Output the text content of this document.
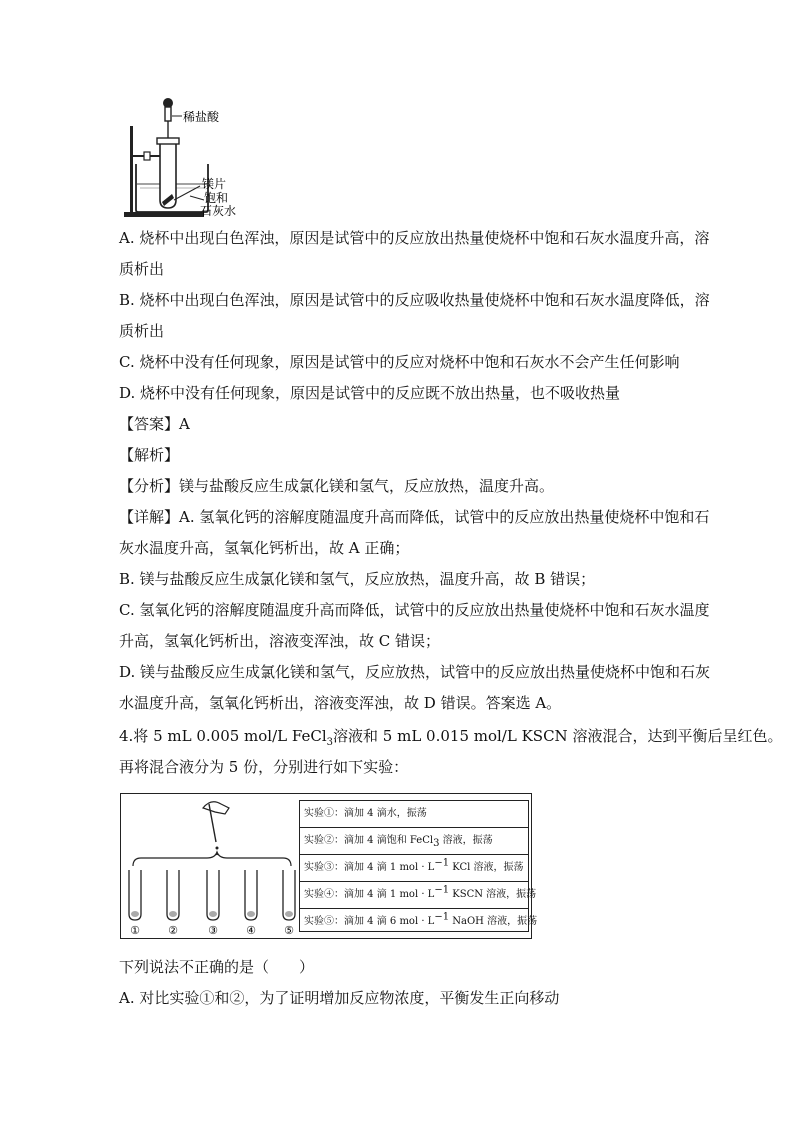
稀盐酸
镁片
饱和
石灰水
A. 烧杯中出现白色浑浊，原因是试管中的反应放出热量使烧杯中饱和石灰水温度升高，溶
质析出
B. 烧杯中出现白色浑浊，原因是试管中的反应吸收热量使烧杯中饱和石灰水温度降低，溶
质析出
C. 烧杯中没有任何现象，原因是试管中的反应对烧杯中饱和石灰水不会产生任何影响
D. 烧杯中没有任何现象，原因是试管中的反应既不放出热量，也不吸收热量
【答案】A
【解析】
【分析】镁与盐酸反应生成氯化镁和氢气，反应放热，温度升高。
【详解】A. 氢氧化钙的溶解度随温度升高而降低，试管中的反应放出热量使烧杯中饱和石
灰水温度升高，氢氧化钙析出，故 A 正确；
B. 镁与盐酸反应生成氯化镁和氢气，反应放热，温度升高，故 B 错误；
C. 氢氧化钙的溶解度随温度升高而降低，试管中的反应放出热量使烧杯中饱和石灰水温度
升高，氢氧化钙析出，溶液变浑浊，故 C 错误；
D. 镁与盐酸反应生成氯化镁和氢气，反应放热，试管中的反应放出热量使烧杯中饱和石灰
水温度升高，氢氧化钙析出，溶液变浑浊，故 D 错误。答案选 A。
4.将 5 mL 0.005 mol/L FeCl$_3$溶液和 5 mL 0.015 mol/L KSCN 溶液混合，达到平衡后呈红色。
再将混合液分为 5 份，分别进行如下实验：
①	②	③	④	⑤
实验①：滴加 4 滴水，振荡
实验②：滴加 4 滴饱和 FeCl$_3$ 溶液，振荡
实验③：滴加 4 滴 1 mol · $L^{-1}$ KCl 溶液，振荡
实验④：滴加 4 滴 1 mol · $L^{-1}$ KSCN 溶液，振荡
实验⑤：滴加 4 滴 6 mol · $L^{-1}$ NaOH 溶液，振荡
下列说法不正确的是（　　）
A. 对比实验①和②，为了证明增加反应物浓度，平衡发生正向移动
